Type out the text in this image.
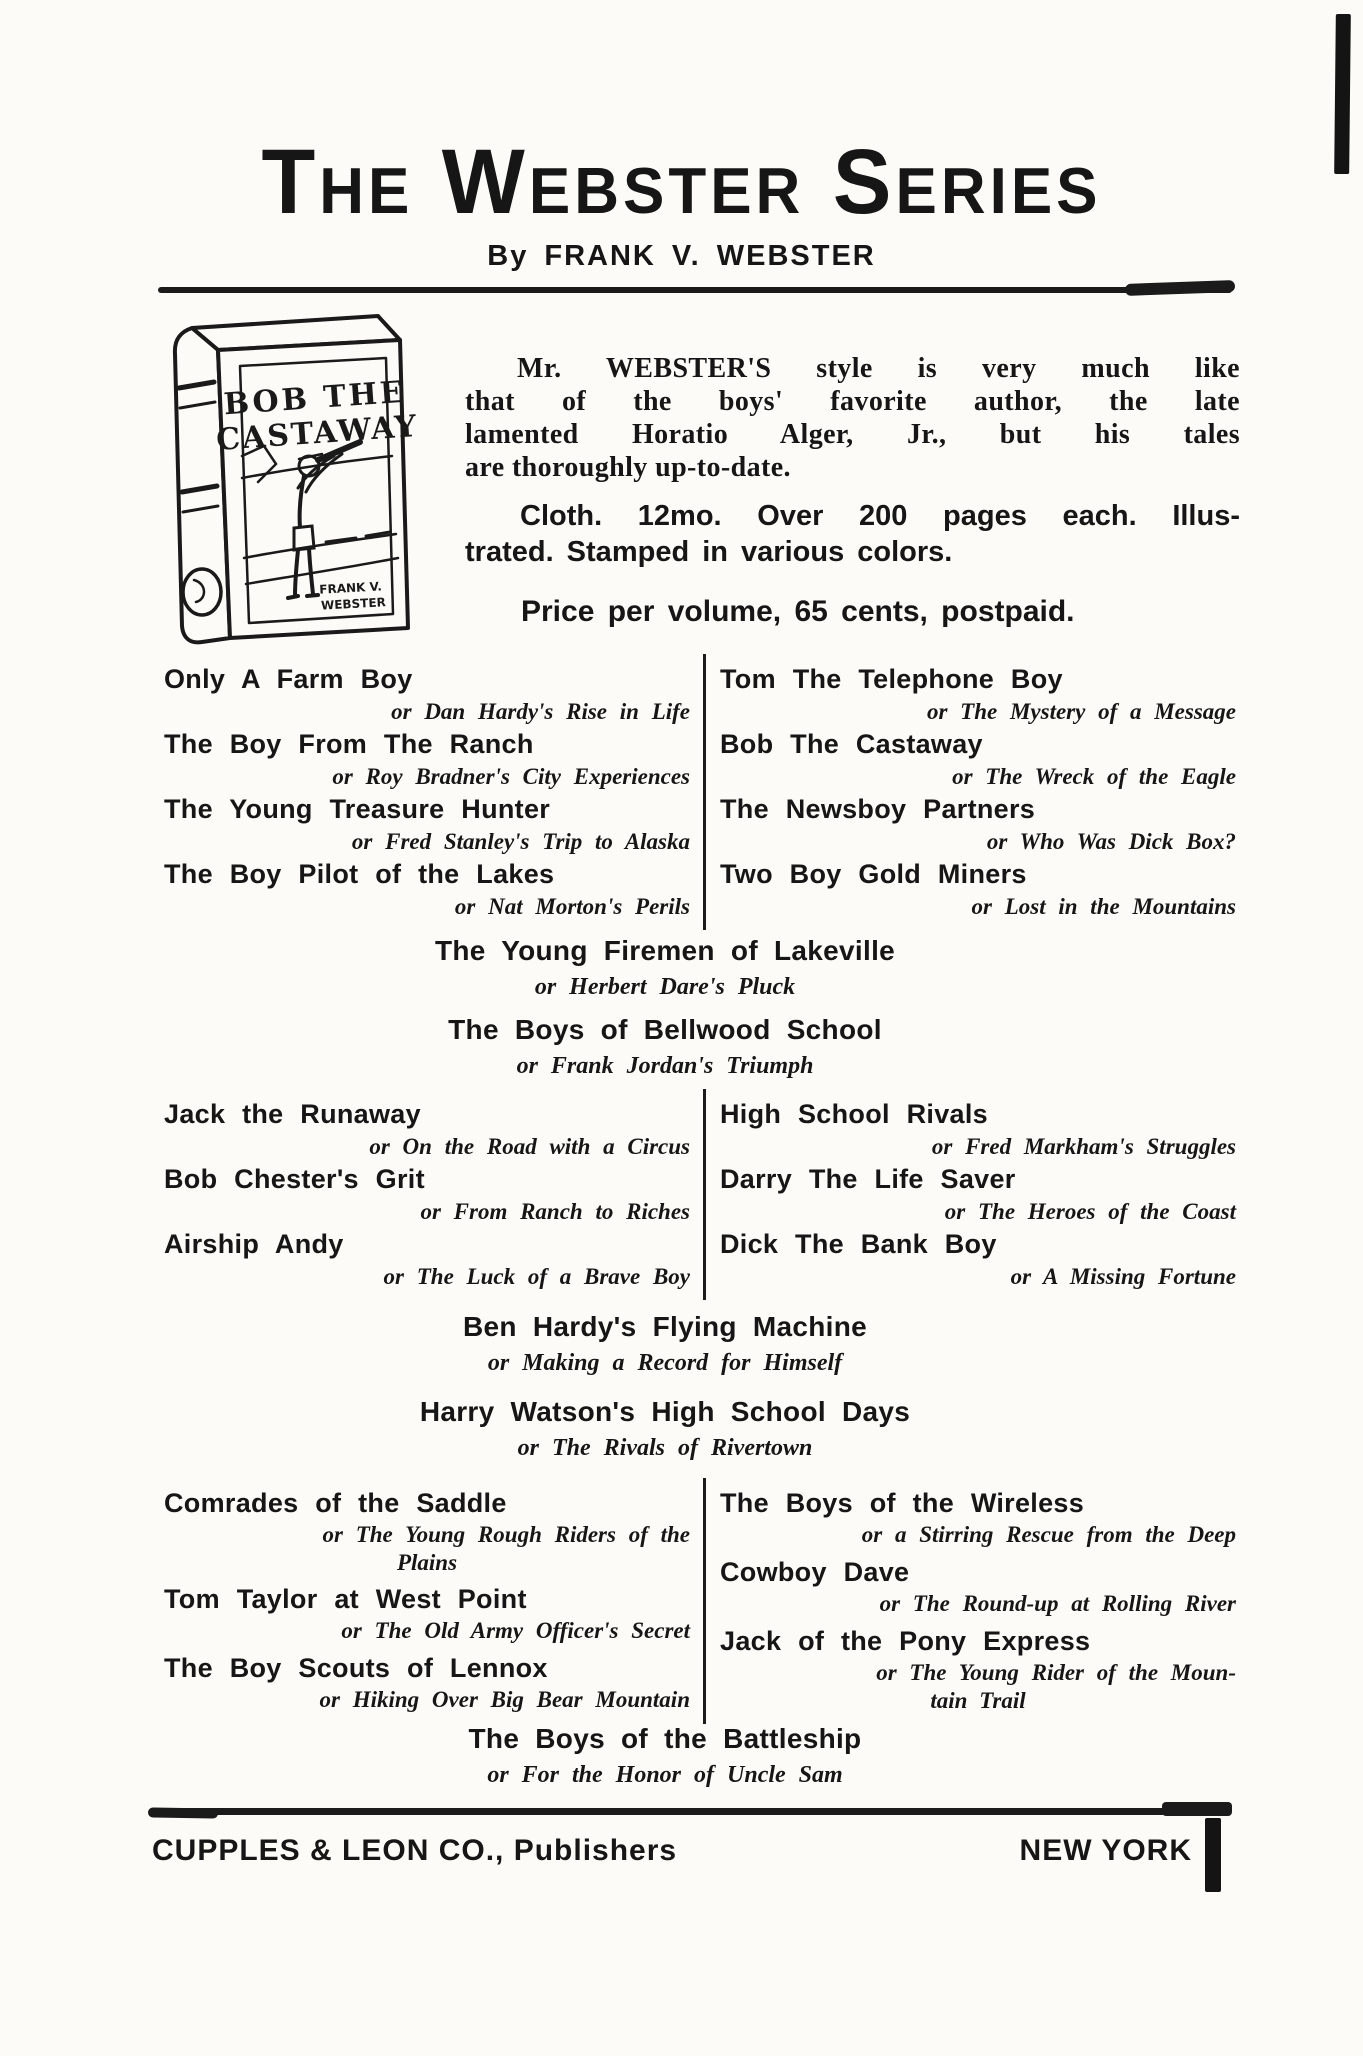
The Webster Series
By FRANK V. WEBSTER
BOB THE
CASTAWAY
FRANK V.
WEBSTER
Mr. WEBSTER'S style is very much like
that of the boys' favorite author, the late
lamented Horatio Alger, Jr., but his tales
are thoroughly up-to-date.
Cloth. 12mo. Over 200 pages each. Illus-
trated. Stamped in various colors.
Price per volume, 65 cents, postpaid.
Only A Farm Boy
or Dan Hardy's Rise in Life
The Boy From The Ranch
or Roy Bradner's City Experiences
The Young Treasure Hunter
or Fred Stanley's Trip to Alaska
The Boy Pilot of the Lakes
or Nat Morton's Perils
Tom The Telephone Boy
or The Mystery of a Message
Bob The Castaway
or The Wreck of the Eagle
The Newsboy Partners
or Who Was Dick Box?
Two Boy Gold Miners
or Lost in the Mountains
The Young Firemen of Lakeville
or Herbert Dare's Pluck
The Boys of Bellwood School
or Frank Jordan's Triumph
Jack the Runaway
or On the Road with a Circus
Bob Chester's Grit
or From Ranch to Riches
Airship Andy
or The Luck of a Brave Boy
High School Rivals
or Fred Markham's Struggles
Darry The Life Saver
or The Heroes of the Coast
Dick The Bank Boy
or A Missing Fortune
Ben Hardy's Flying Machine
or Making a Record for Himself
Harry Watson's High School Days
or The Rivals of Rivertown
Comrades of the Saddle
or The Young Rough Riders of the
Plains
Tom Taylor at West Point
or The Old Army Officer's Secret
The Boy Scouts of Lennox
or Hiking Over Big Bear Mountain
The Boys of the Wireless
or a Stirring Rescue from the Deep
Cowboy Dave
or The Round-up at Rolling River
Jack of the Pony Express
or The Young Rider of the Moun-
tain Trail
The Boys of the Battleship
or For the Honor of Uncle Sam
CUPPLES & LEON CO., Publishers	NEW YORK
